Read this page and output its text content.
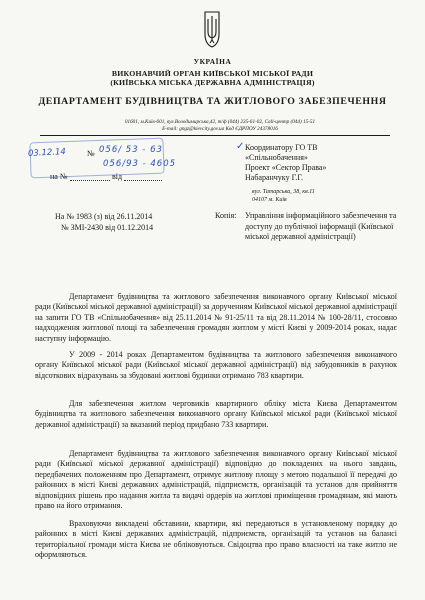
УКРАЇНА
ВИКОНАВЧИЙ ОРГАН КИЇВСЬКОЇ МІСЬКОЇ РАДИ
(КИЇВСЬКА МІСЬКА ДЕРЖАВНА АДМІНІСТРАЦІЯ)
ДЕПАРТАМЕНТ БУДІВНИЦТВА ТА ЖИТЛОВОГО ЗАБЕЗПЕЧЕННЯ
01601, м.Київ-601, вул.Володимирська,42, т/ф (044) 235-61-02, Call-центр (044) 15-51
E-mail: gngz@kievcity.gov.ua Код ЄДРПОУ 24378016
03.12.14	№ 056/ 53 - 63
056/93 - 4605
на №	від
✓ Координатору ГО ТВ
«Спільнобачення»
Проект «Сектор Права»
Набаранчуку Г.Г.
вул. Татарська, 38, кв.11
04107 м. Київ
На № 1983 (з) від 26.11.2014
№ ЗМІ-2430 від 01.12.2014
Копія: Управління інформаційного забезпечення та доступу до публічної інформації (Київської міської державної адміністрації)
Департамент будівництва та житлового забезпечення виконавчого органу Київської міської ради (Київської міської державної адміністрації) за дорученням Київської міської державної адміністрації на запити ГО ТВ «Спільнобачення» від 25.11.2014 № 91-25/11 та від 28.11.2014 № 100-28/11, стосовно надходження житлової площі та забезпечення громадян житлом у місті Києві у 2009-2014 роках, надає наступну інформацію.
У 2009 - 2014 роках Департаментом будівництва та житлового забезпечення виконавчого органу Київської міської ради (Київської міської державної адміністрації) від забудовників в рахунок відсоткових відрахувань за збудовані житлові будинки отримано 783 квартири.
Для забезпечення житлом черговиків квартирного обліку міста Києва Департаментом будівництва та житлового забезпечення виконавчого органу Київської міської ради (Київської міської державної адміністрації) за вказаний період придбано 733 квартири.
Департамент будівництва та житлового забезпечення виконавчого органу Київської міської ради (Київської міської державної адміністрації) відповідно до покладених на нього завдань, передбачених положенням про Департамент, отримує житлову площу з метою подальшої її передачі до районних в місті Києві державних адміністрацій, підприємств, організацій та установ для прийняття відповідних рішень про надання житла та видачі ордерів на житлові приміщення громадянам, які мають право на його отримання.
Враховуючи викладені обставини, квартири, які передаються в установленому порядку до районних в місті Києві державних адміністрацій, підприємств, організацій та установ на балансі територіальної громади міста Києва не обліковуються. Свідоцтва про право власності на таке житло не оформляються.
